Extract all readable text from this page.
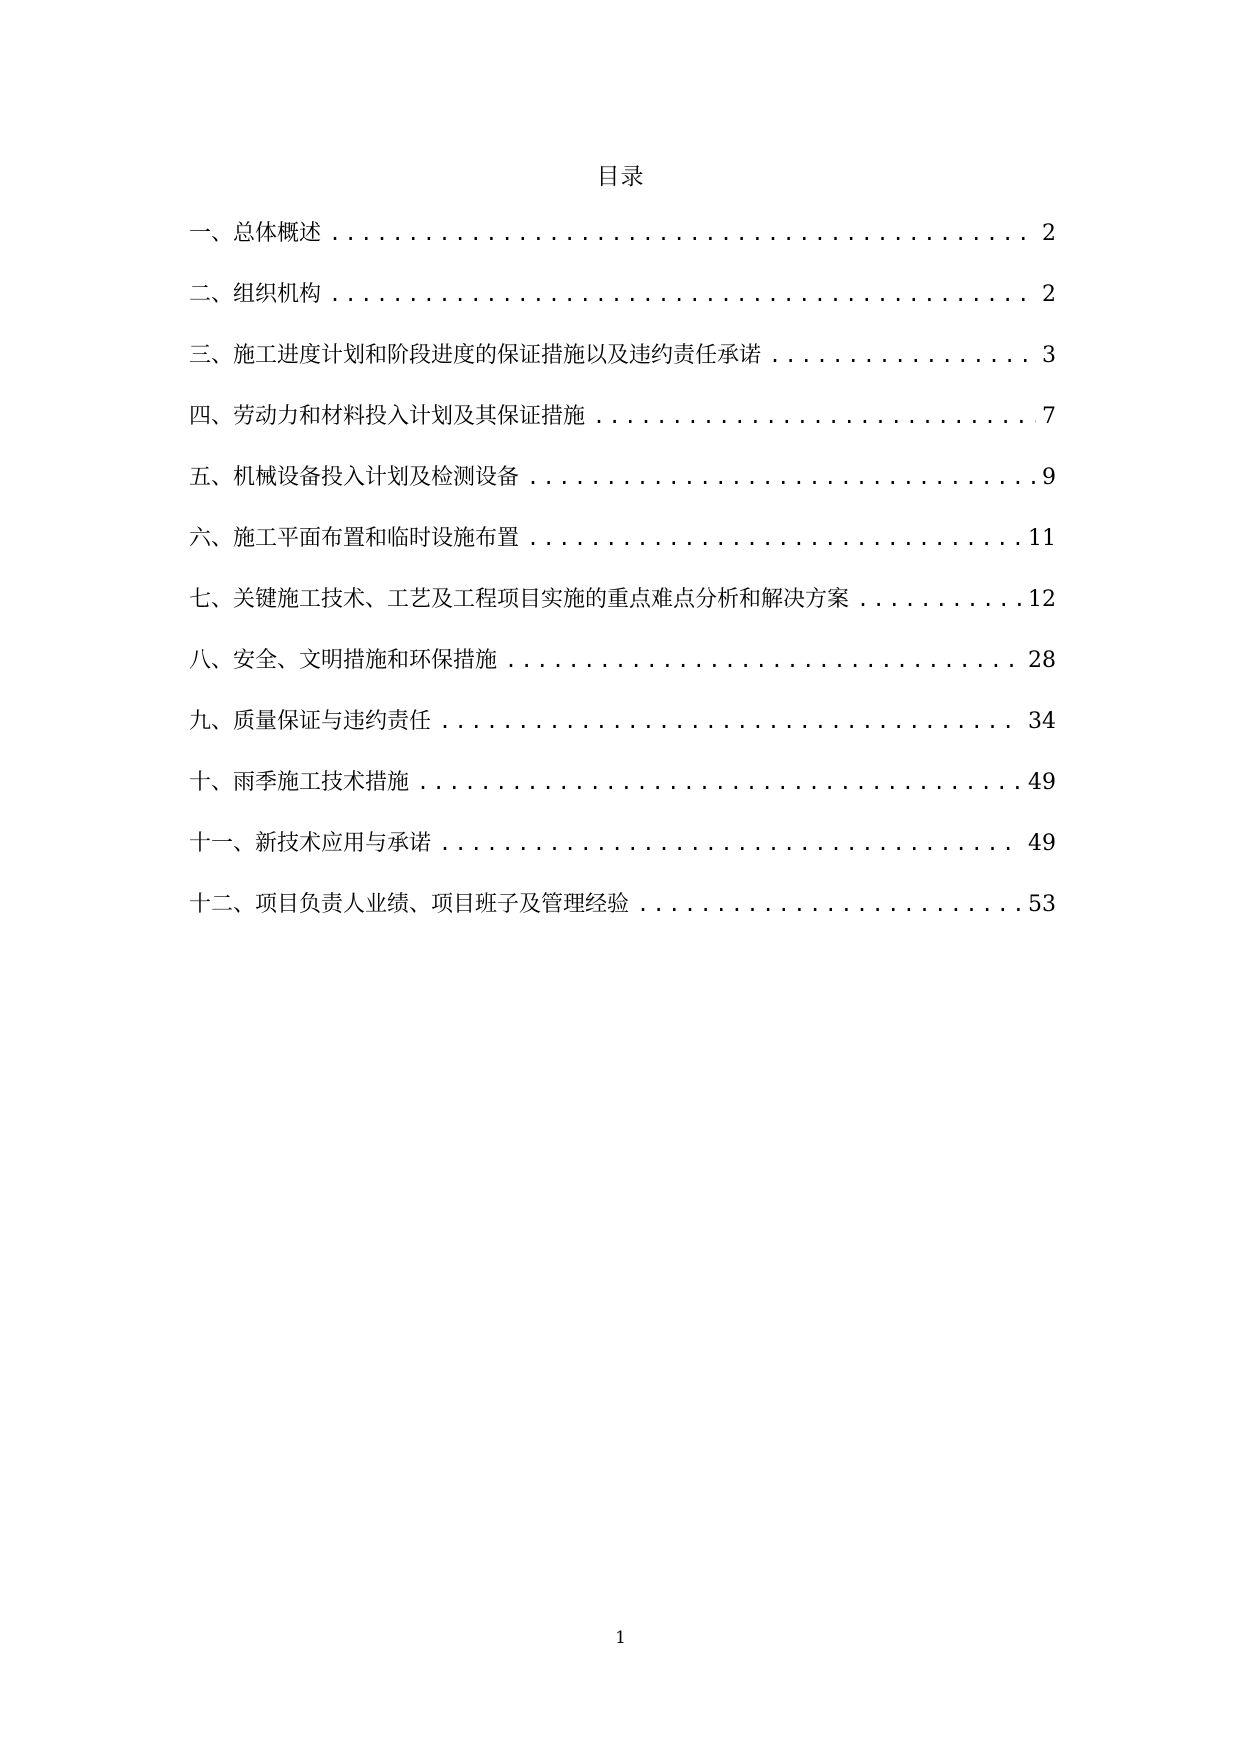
目录
一、总体概述 .....	2
二、组织机构 .....	2
三、施工进度计划和阶段进度的保证措施以及违约责任承诺 .....	3
四、劳动力和材料投入计划及其保证措施 .....	7
五、机械设备投入计划及检测设备 .....	9
六、施工平面布置和临时设施布置 .....	11
七、关键施工技术、工艺及工程项目实施的重点难点分析和解决方案 .....	12
八、安全、文明措施和环保措施 .....	28
九、质量保证与违约责任 .....	34
十、雨季施工技术措施 .....	49
十一、新技术应用与承诺 .....	49
十二、项目负责人业绩、项目班子及管理经验 .....	53
1
